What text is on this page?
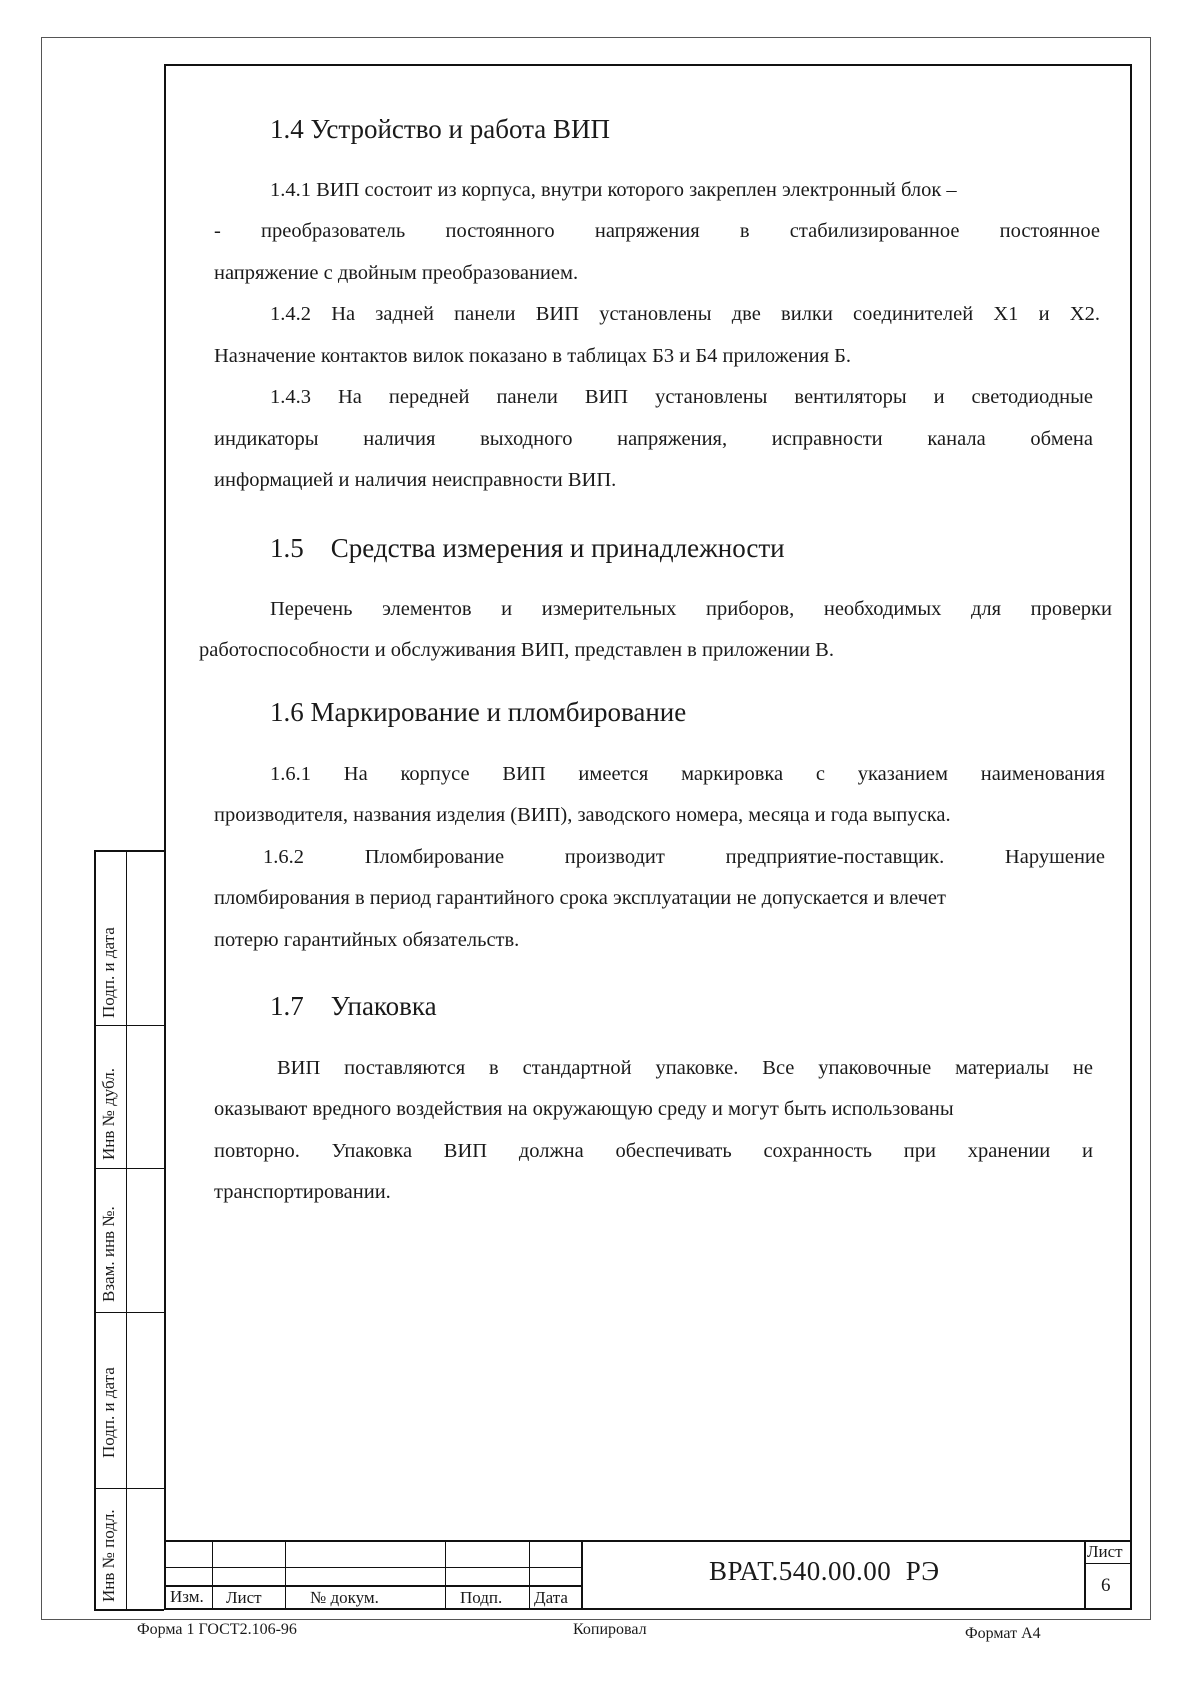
Подп. и дата
Инв № дубл.
Взам. инв №.
Подп. и дата
Инв № подл.
1.4 Устройство и работа ВИП

1.4.1 ВИП состоит из корпуса, внутри которого закреплен электронный блок –

- преобразователь постоянного напряжения в стабилизированное постоянное

напряжение с двойным преобразованием.

1.4.2 На задней панели ВИП установлены две вилки соединителей X1 и X2.

Назначение контактов вилок показано в таблицах Б3 и Б4 приложения Б.

1.4.3 На передней панели ВИП установлены вентиляторы и светодиодные

индикаторы наличия выходного напряжения, исправности канала обмена

информацией и наличия неисправности ВИП.

1.5    Средства измерения и принадлежности

Перечень элементов и измерительных приборов, необходимых для проверки

работоспособности и обслуживания ВИП, представлен в приложении В.

1.6 Маркирование и пломбирование

1.6.1 На корпусе ВИП имеется маркировка с указанием наименования

производителя, названия изделия (ВИП), заводского номера, месяца и года выпуска.

1.6.2 Пломбирование производит предприятие-поставщик. Нарушение

пломбирования в период гарантийного срока эксплуатации не допускается и влечет

потерю гарантийных обязательств.

1.7    Упаковка

ВИП поставляются в стандартной упаковке. Все упаковочные материалы не

оказывают вредного воздействия на окружающую среду и могут быть использованы

повторно. Упаковка ВИП должна обеспечивать сохранность при хранении и

транспортировании.

Изм. Лист	№ докум.	Подп. Дата
ВРАТ.540.00.00  РЭ
Лист
6
Форма 1 ГОСТ2.106-96	Копировал	Формат А4
